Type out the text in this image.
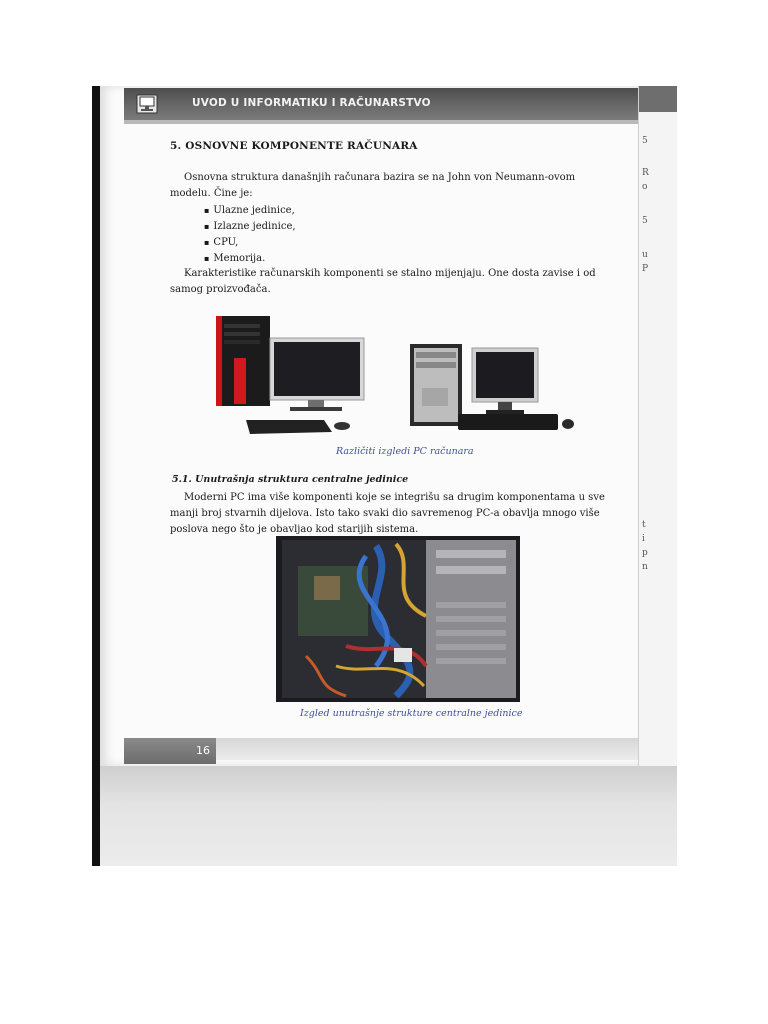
UVOD U INFORMATIKU I RAČUNARSTVO
5. OSNOVNE KOMPONENTE RAČUNARA
Osnovna struktura današnjih računara bazira se na John von Neumann-ovom modelu. Čine je:
▪ Ulazne jedinice,
▪ Izlazne jedinice,
▪ CPU,
▪ Memorija.
Karakteristike računarskih komponenti se stalno mijenjaju. One dosta zavise i od samog proizvođača.
Različiti izgledi PC računara
5.1. Unutrašnja struktura centralne jedinice
Moderni PC ima više komponenti koje se integrišu sa drugim komponentama u sve manji broj stvarnih dijelova. Isto tako svaki dio savremenog PC-a obavlja mnogo više poslova nego što je obavljao kod starijih sistema.
Izgled unutrašnje strukture centralne jedinice
16
5
R
o
5
u
P
t
i
p
n
